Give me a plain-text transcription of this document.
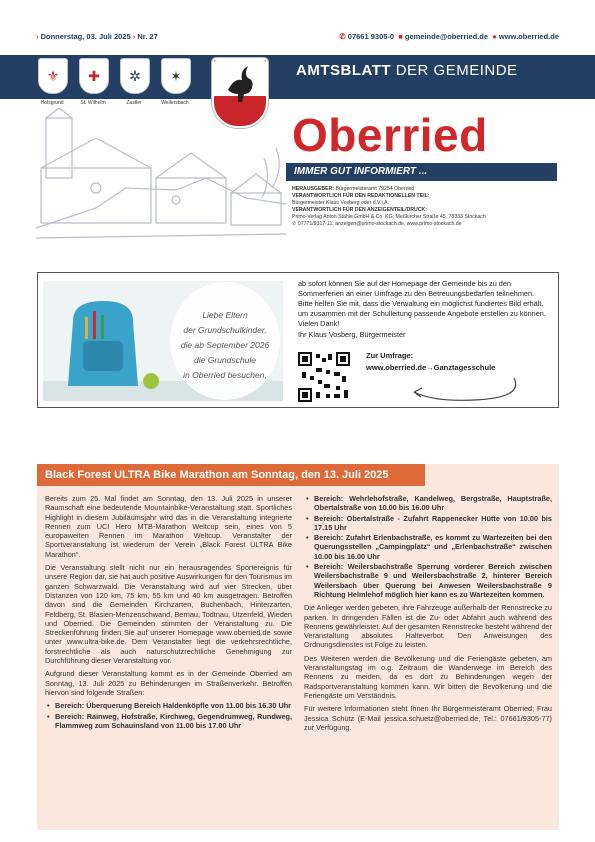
› Donnerstag, 03. Juli 2025 › Nr. 27	✆ 07661 9305-0 ■ gemeinde@oberried.de ● www.oberried.de
AMTSBLATT DER GEMEINDE
⚜ ✚ ✲ ✶
Hofsgrund	St. Wilhelm	Zastler	Weilersbach
Oberried
IMMER GUT INFORMIERT ...
HERAUSGEBER: Bürgermeisteramt 79254 Oberried
VERANTWORTLICH FÜR DEN REDAKTIONELLEN TEIL:
Bürgermeister Klaus Vosberg oder d.V.i.A.
VERANTWORTLICH FÜR DEN ANZEIGENTEIL/DRUCK:
Primo-Verlag Anton Stähle GmbH & Co. KG, Meßkircher Straße 45, 78333 Stockach
✆ 07771/9317-11, anzeigen@primo-stockach.de, www.primo-stockach.de
Liebe Eltern
der Grundschulkinder,
die ab September 2026
die Grundschule
in Oberried besuchen,

ab sofort können Sie auf der Homepage der Gemeinde bis zu den Sommerferien an einer Umfrage zu den Betreuungsbedarfen teilnehmen.

Bitte helfen Sie mit, dass die Verwaltung ein möglichst fundiertes Bild erhält, um zusammen mit der Schulleitung passende Angebote erstellen zu können.

Vielen Dank!

Ihr Klaus Vosberg, Bürgermeister

Zur Umfrage:
www.oberried.de→Ganztagesschule
Black Forest ULTRA Bike Marathon am Sonntag, den 13. Juli 2025

Bereits zum 25. Mal findet am Sonntag, den 13. Juli 2025 in unserer Raumschaft eine bedeutende Mountainbike-Veranstaltung statt. Sportliches Highlight in diesem Jubiläumsjahr wird das in die Veranstaltung integrierte Rennen zum UCI Hero MTB-Marathon Weltcup sein, eines von 5 europaweiten Rennen im Marathon Weltcup. Veranstalter der Sportveranstaltung ist wiederum der Verein „Black Forest ULTRA Bike Marathon“.

Die Veranstaltung stellt nicht nur ein herausragendes Sportereignis für unsere Region dar, sie hat auch positive Auswirkungen für den Tourismus im ganzen Schwarzwald. Die Veranstaltung wird auf vier Strecken, über Distanzen von 120 km, 75 km, 55 km und 40 km ausgetragen. Betroffen davon sind die Gemeinden Kirchzarten, Buchenbach, Hinterzarten, Feldberg, St. Blasien-Menzenschwand, Bernau, Todtnau, Utzenfeld, Wieden und Oberried. Die Gemeinden stimmten der Veranstaltung zu. Die Streckenführung finden Sie auf unserer Homepage www.oberried.de sowie unter www.ultra-bike.de. Dem Veranstalter liegt die verkehrsrechtliche, forstrechtliche als auch naturschutzrechtliche Genehmigung zur Durchführung dieser Veranstaltung vor.

Aufgrund dieser Veranstaltung kommt es in der Gemeinde Oberried am Sonntag, 13. Juli 2025 zu Behinderungen im Straßenverkehr. Betroffen hiervon sind folgende Straßen:

• Bereich: Überquerung Bereich Haldenköpfle von 11.00 bis 16.30 Uhr
• Bereich: Rainweg, Hofstraße, Kirchweg, Gegendrumweg, Rundweg, Flammweg zum Schauinsland von 11.00 bis 17.00 Uhr
• Bereich: Wehrlehofstraße, Kandelweg, Bergstraße, Hauptstraße, Obertalstraße von 10.00 bis 16.00 Uhr
• Bereich: Obertalstraße - Zufahrt Rappenecker Hütte von 10.00 bis 17.15 Uhr
• Bereich: Zufahrt Erlenbachstraße, es kommt zu Wartezeiten bei den Querungsstellen „Campingplatz“ und „Erlenbachstraße“ zwischen 10.00 bis 16.00 Uhr
• Bereich: Weilersbachstraße Sperrung vorderer Bereich zwischen Weilersbachstraße 9 und Weilersbachstraße 2, hinterer Bereich Weilersbach über Querung bei Anwesen Weilersbachstraße 9 Richtung Helmlehof möglich hier kann es zu Wartezeiten kommen.

Die Anlieger werden gebeten, ihre Fahrzeuge außerhalb der Rennstrecke zu parken. In dringenden Fällen ist die Zu- oder Abfahrt auch während des Rennens gewährleistet. Auf der gesamten Rennstrecke besteht während der Veranstaltung absolutes Halteverbot. Den Anweisungen des Ordnungsdienstes ist Folge zu leisten.

Des Weiteren werden die Bevölkerung und die Feriengäste gebeten, am Veranstaltungstag im o.g. Zeitraum die Wanderwege im Bereich des Rennens zu meiden, da es dort zu Behinderungen wegen der Radsportveranstaltung kommen kann. Wir bitten die Bevölkerung und die Feriengäste um Verständnis.

Für weitere Informationen steht Ihnen Ihr Bürgermeisteramt Oberried; Frau Jessica Schütz (E-Mail jessica.schuetz@oberried.de, Tel.: 07661/9305-77) zur Verfügung.
